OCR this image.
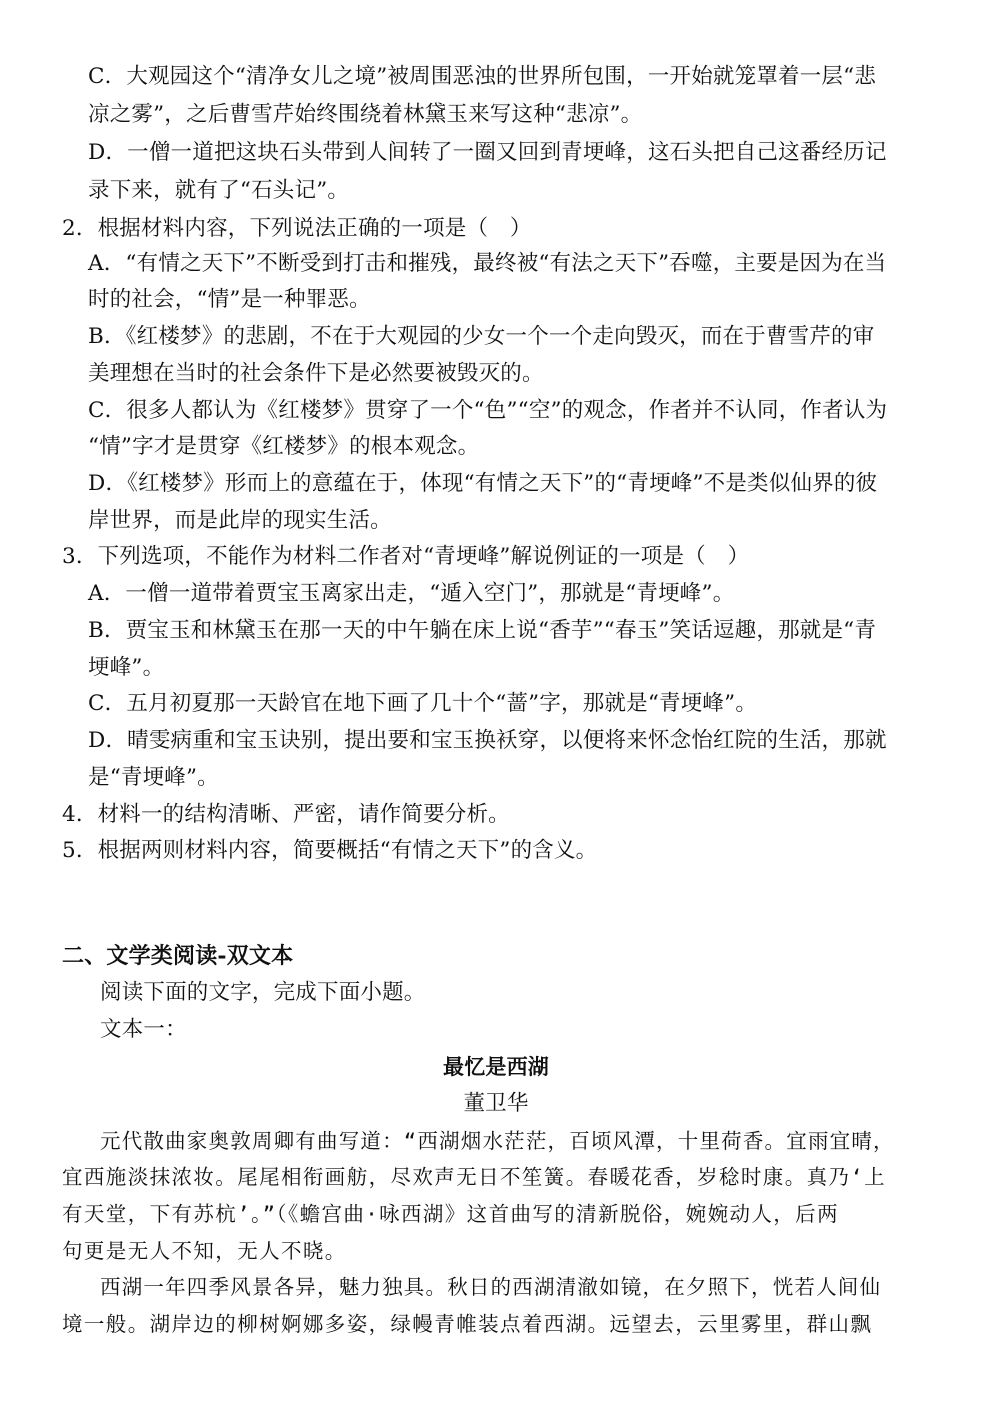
C．大观园这个“清净女儿之境”被周围恶浊的世界所包围，一开始就笼罩着一层“悲
凉之雾”，之后曹雪芹始终围绕着林黛玉来写这种“悲凉”。
D．一僧一道把这块石头带到人间转了一圈又回到青埂峰，这石头把自己这番经历记
录下来，就有了“石头记”。
2．根据材料内容，下列说法正确的一项是（　）
A．“有情之天下”不断受到打击和摧残，最终被“有法之天下”吞噬，主要是因为在当
时的社会，“情”是一种罪恶。
B．《红楼梦》的悲剧，不在于大观园的少女一个一个走向毁灭，而在于曹雪芹的审
美理想在当时的社会条件下是必然要被毁灭的。
C．很多人都认为《红楼梦》贯穿了一个“色”“空”的观念，作者并不认同，作者认为
“情”字才是贯穿《红楼梦》的根本观念。
D．《红楼梦》形而上的意蕴在于，体现“有情之天下”的“青埂峰”不是类似仙界的彼
岸世界，而是此岸的现实生活。
3．下列选项，不能作为材料二作者对“青埂峰”解说例证的一项是（　）
A．一僧一道带着贾宝玉离家出走，“遁入空门”，那就是“青埂峰”。
B．贾宝玉和林黛玉在那一天的中午躺在床上说“香芋”“春玉”笑话逗趣，那就是“青
埂峰”。
C．五月初夏那一天龄官在地下画了几十个“蔷”字，那就是“青埂峰”。
D．晴雯病重和宝玉诀别，提出要和宝玉换袄穿，以便将来怀念怡红院的生活，那就
是“青埂峰”。
4．材料一的结构清晰、严密，请作简要分析。
5．根据两则材料内容，简要概括“有情之天下”的含义。
二、文学类阅读-双文本
阅读下面的文字，完成下面小题。
文本一：
最忆是西湖
董卫华
元代散曲家奥敦周卿有曲写道：“西湖烟水茫茫，百顷风潭，十里荷香。宜雨宜晴，
宜西施淡抹浓妆。尾尾相衔画舫，尽欢声无日不笙簧。春暖花香，岁稔时康。真乃‘上
有天堂，下有苏杭’。”（《蟾宫曲·咏西湖》这首曲写的清新脱俗，婉婉动人，后两
句更是无人不知，无人不晓。
西湖一年四季风景各异，魅力独具。秋日的西湖清澈如镜，在夕照下，恍若人间仙
境一般。湖岸边的柳树婀娜多姿，绿幔青帷装点着西湖。远望去，云里雾里，群山飘
